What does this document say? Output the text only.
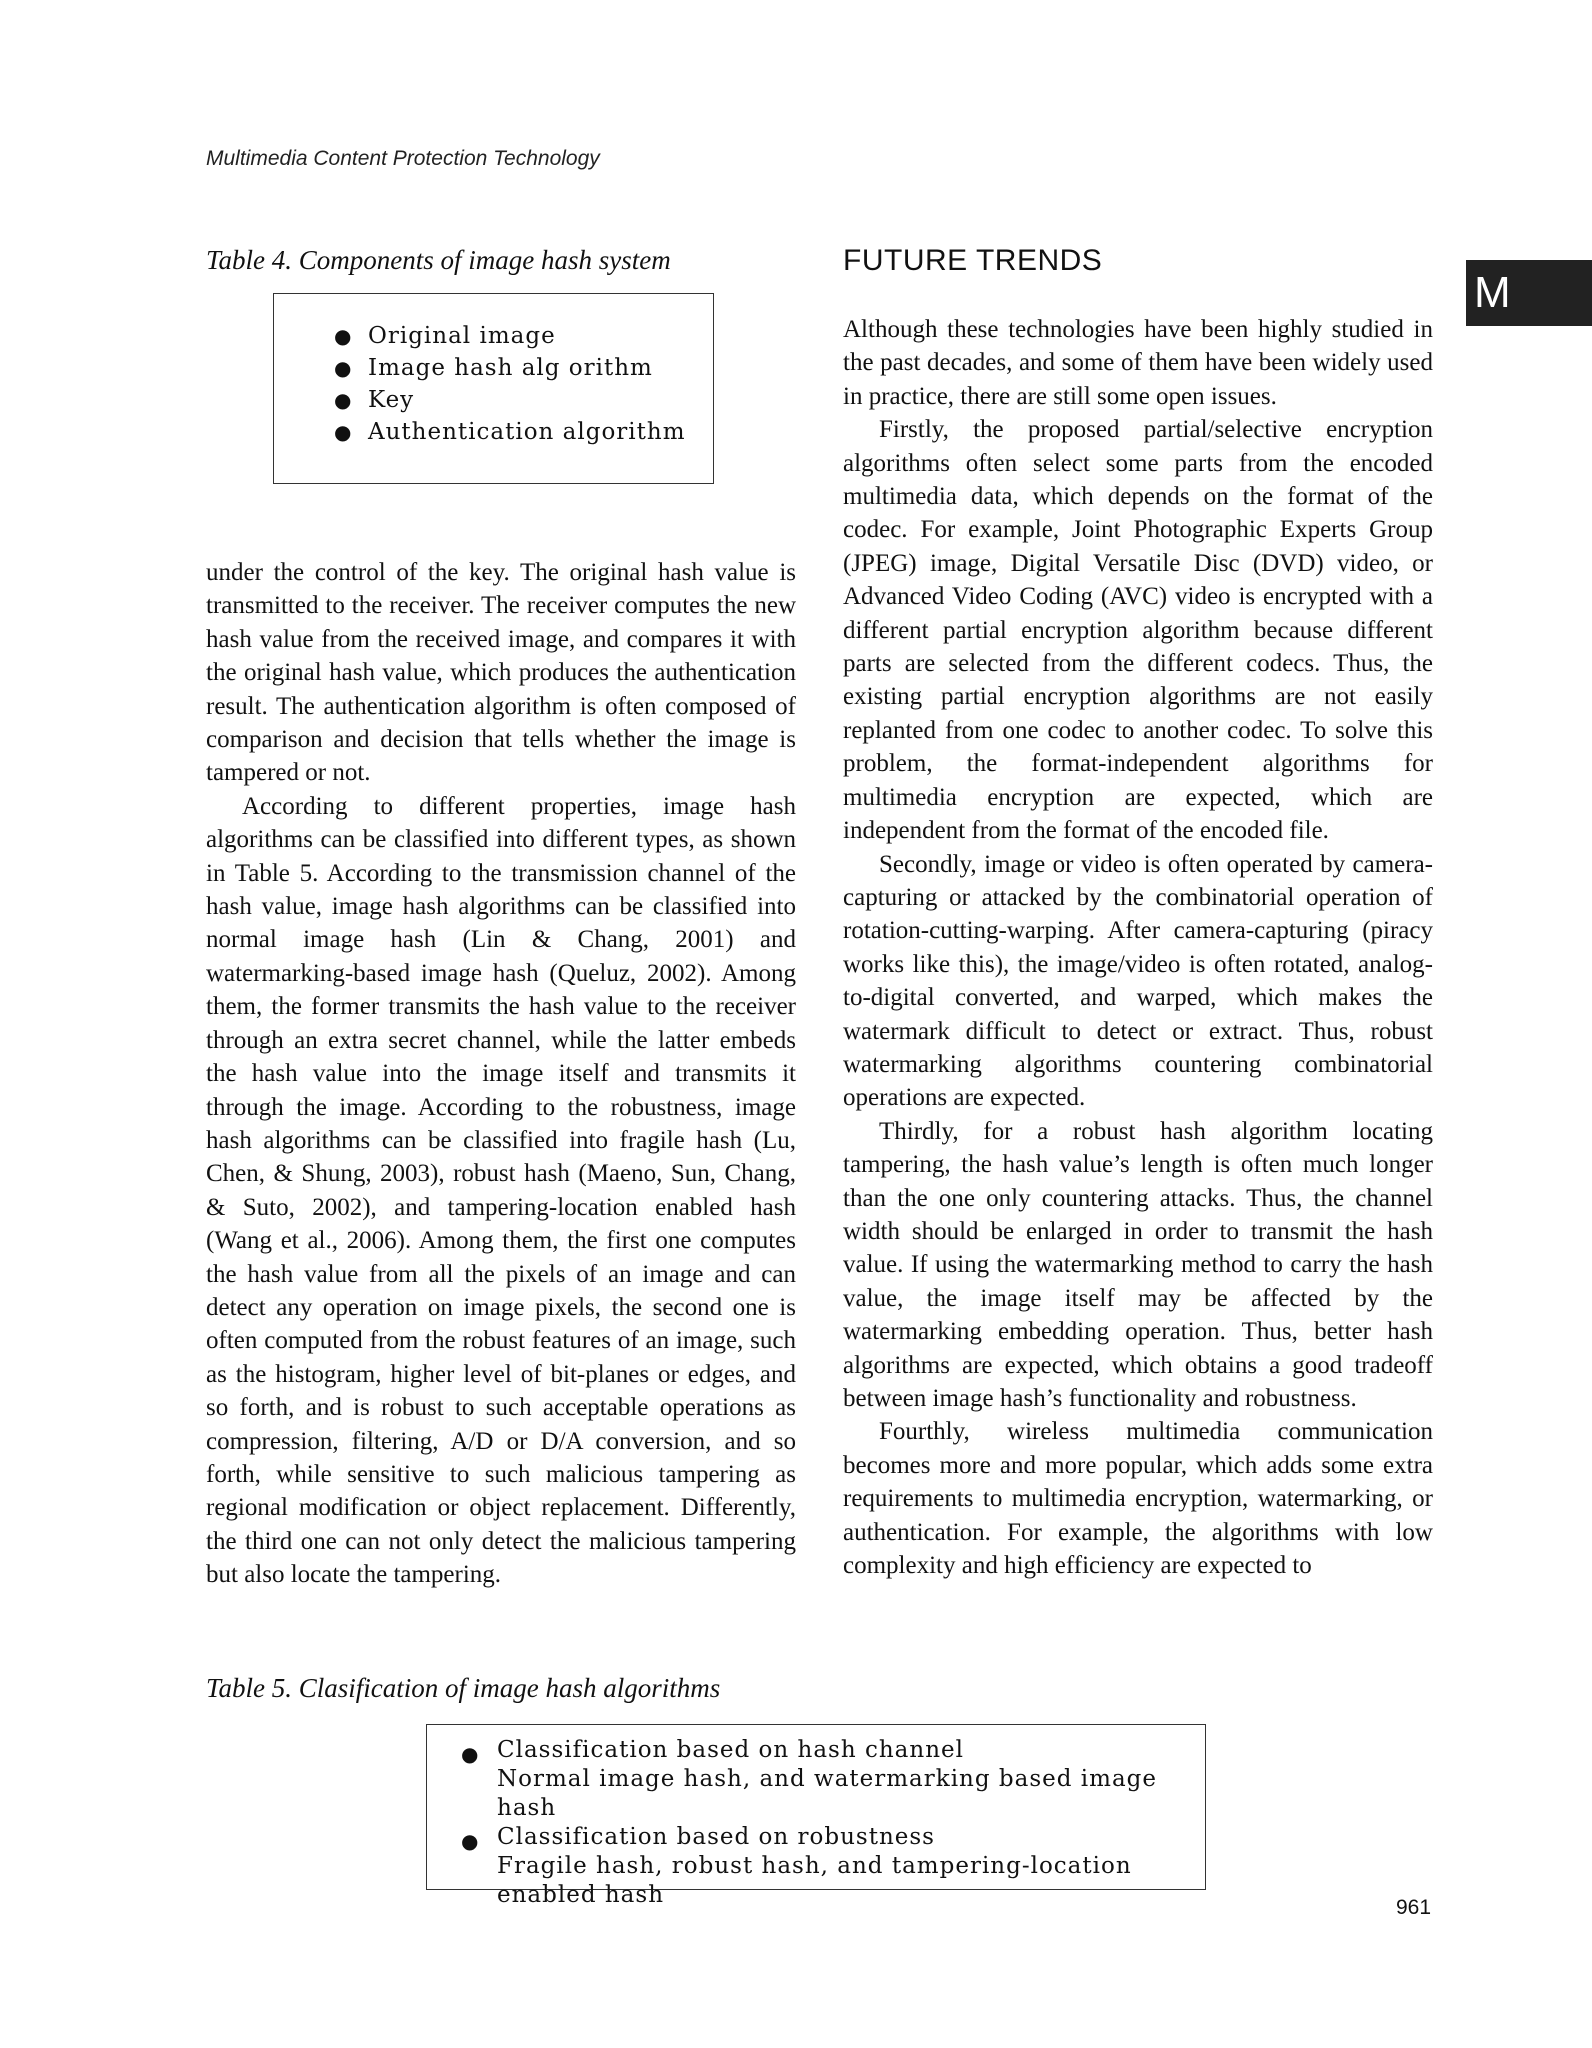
Multimedia Content Protection Technology
M
Table 4. Components of image hash system
● Original image
● Image hash alg orithm
● Key
● Authentication algorithm

under the control of the key. The original hash value is transmitted to the receiver. The receiver computes the new hash value from the received image, and compares it with the original hash value, which produces the authentication result. The authentication algorithm is often composed of comparison and decision that tells whether the image is tampered or not.

According to different properties, image hash algorithms can be classified into different types, as shown in Table 5. According to the transmission channel of the hash value, image hash algorithms can be classified into normal image hash (Lin & Chang, 2001) and watermarking-based image hash (Queluz, 2002). Among them, the former transmits the hash value to the receiver through an extra secret channel, while the latter embeds the hash value into the image itself and transmits it through the image. According to the robustness, image hash algorithms can be classified into fragile hash (Lu, Chen, & Shung, 2003), robust hash (Maeno, Sun, Chang, & Suto, 2002), and tampering-location enabled hash (Wang et al., 2006). Among them, the first one computes the hash value from all the pixels of an image and can detect any operation on image pixels, the second one is often computed from the robust features of an image, such as the histogram, higher level of bit-planes or edges, and so forth, and is robust to such acceptable operations as compression, filtering, A/D or D/A conversion, and so forth, while sensitive to such malicious tampering as regional modification or object replacement. Differently, the third one can not only detect the malicious tampering but also locate the tampering.

FUTURE TRENDS

Although these technologies have been highly studied in the past decades, and some of them have been widely used in practice, there are still some open issues.

Firstly, the proposed partial/selective encryption algorithms often select some parts from the encoded multimedia data, which depends on the format of the codec. For example, Joint Photographic Experts Group (JPEG) image, Digital Versatile Disc (DVD) video, or Advanced Video Coding (AVC) video is encrypted with a different partial encryption algorithm because different parts are selected from the different codecs. Thus, the existing partial encryption algorithms are not easily replanted from one codec to another codec. To solve this problem, the format-independent algorithms for multimedia encryption are expected, which are independent from the format of the encoded file.

Secondly, image or video is often operated by camera-capturing or attacked by the combinatorial operation of rotation-cutting-warping. After camera-capturing (piracy works like this), the image/video is often rotated, analog-to-digital converted, and warped, which makes the watermark difficult to detect or extract. Thus, robust watermarking algorithms countering combinatorial operations are expected.

Thirdly, for a robust hash algorithm locating tampering, the hash value’s length is often much longer than the one only countering attacks. Thus, the channel width should be enlarged in order to transmit the hash value. If using the watermarking method to carry the hash value, the image itself may be affected by the watermarking embedding operation. Thus, better hash algorithms are expected, which obtains a good tradeoff between image hash’s functionality and robustness.

Fourthly, wireless multimedia communication becomes more and more popular, which adds some extra requirements to multimedia encryption, watermarking, or authentication. For example, the algorithms with low complexity and high efficiency are expected to

Table 5. Clasification of image hash algorithms
● Classification based on hash channel
Normal image hash, and watermarking based image hash
● Classification based on robustness
Fragile hash, robust hash, and tampering-location enabled hash	961
